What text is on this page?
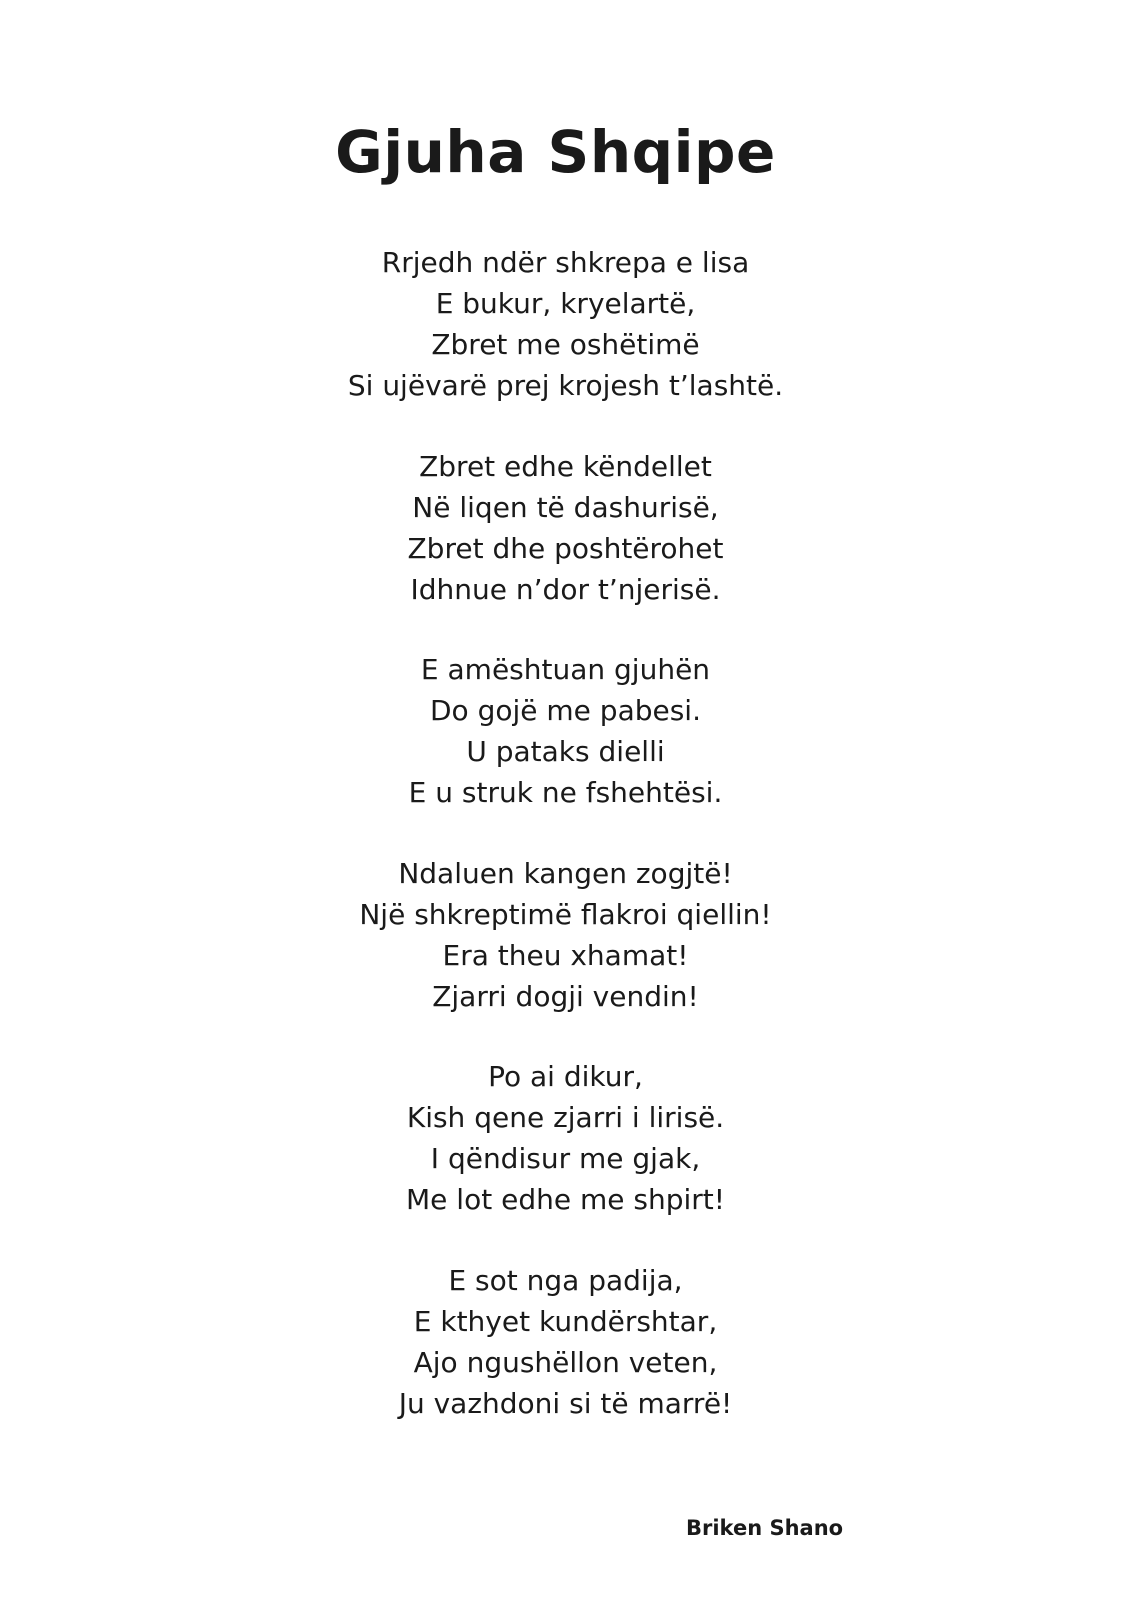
Gjuha Shqipe
Rrjedh ndër shkrepa e lisa
E bukur, kryelartë,
Zbret me oshëtimë
Si ujëvarë prej krojesh t’lashtë.
Zbret edhe këndellet
Në liqen të dashurisë,
Zbret dhe poshtërohet
Idhnue n’dor t’njerisë.
E amështuan gjuhën
Do gojë me pabesi.
U pataks dielli
E u struk ne fshehtësi.
Ndaluen kangen zogjtë!
Një shkreptimë flakroi qiellin!
Era theu xhamat!
Zjarri dogji vendin!
Po ai dikur,
Kish qene zjarri i lirisë.
I qëndisur me gjak,
Me lot edhe me shpirt!
E sot nga padija,
E kthyet kundërshtar,
Ajo ngushëllon veten,
Ju vazhdoni si të marrë!
Briken Shano
